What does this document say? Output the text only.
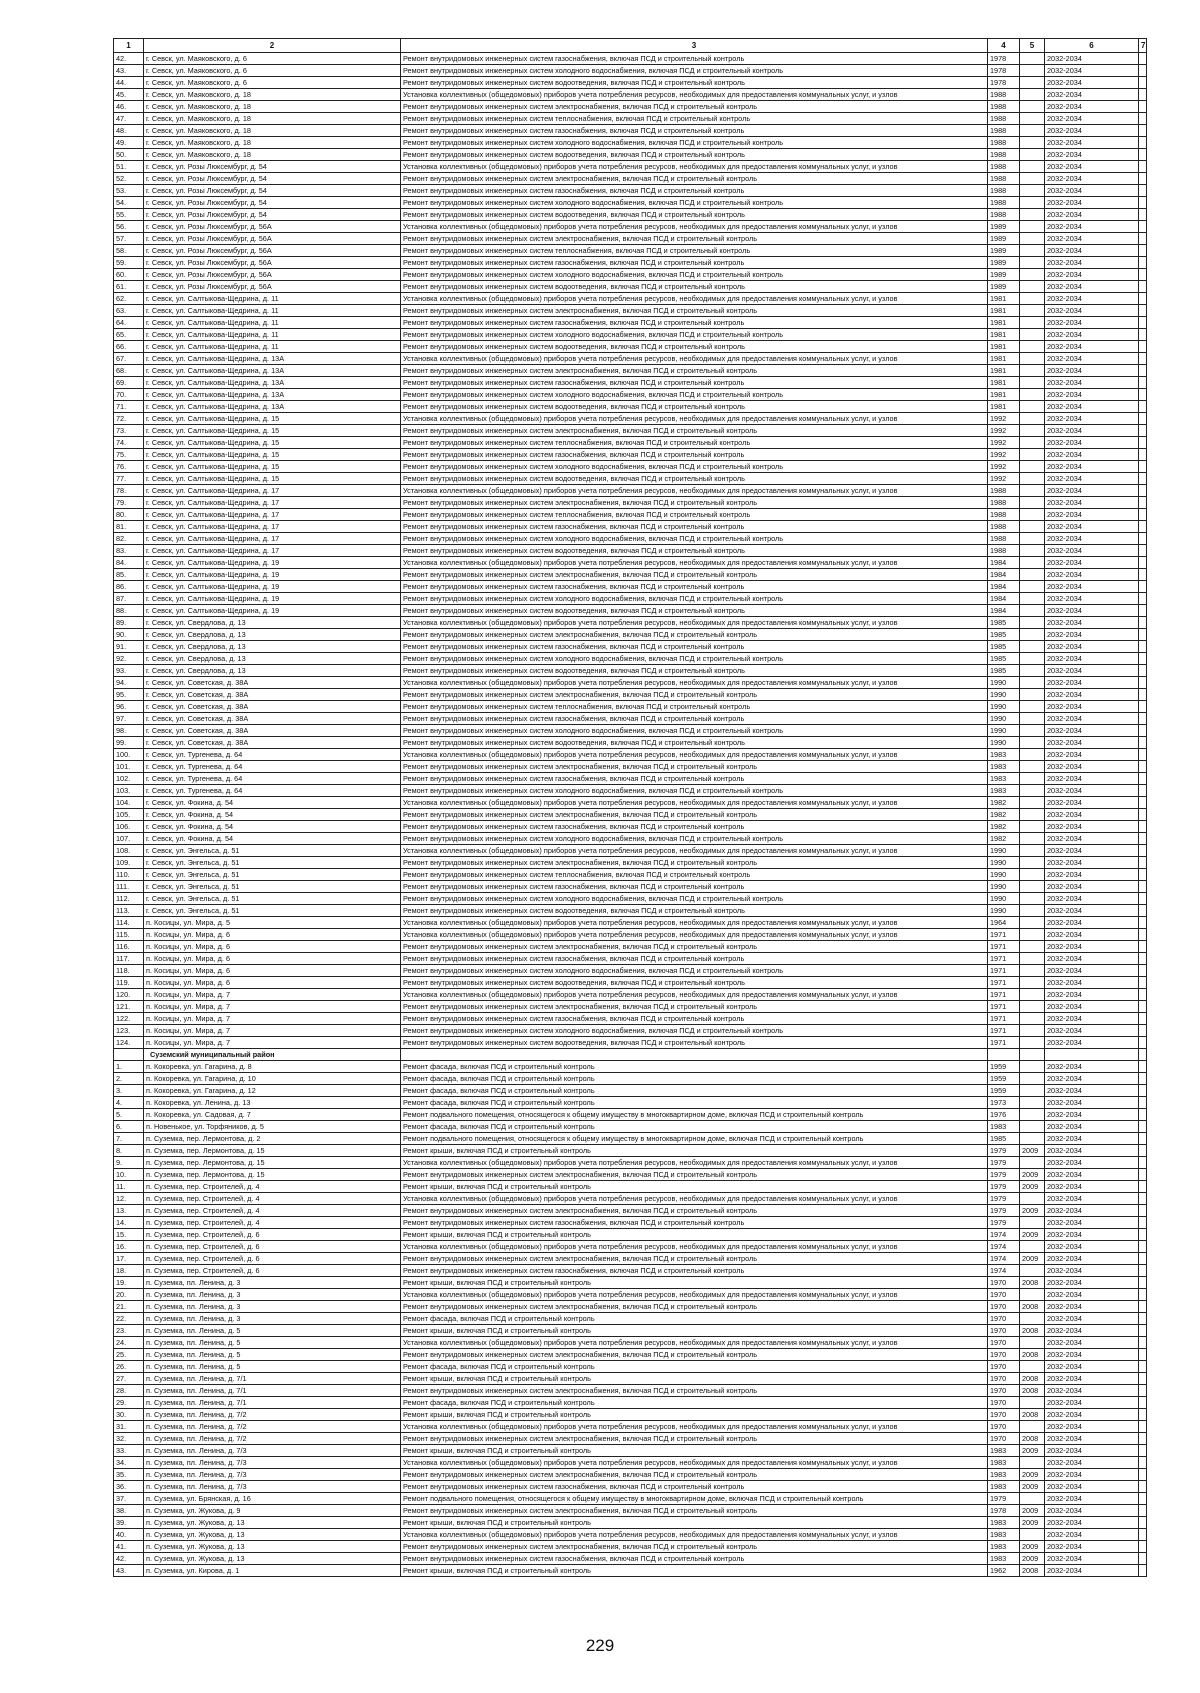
1	2	3	4	5	6	7
42.	г. Севск, ул. Маяковского, д. 6	Ремонт внутридомовых инженерных систем газоснабжения, включая ПСД и строительный контроль	1978		2032-2034	
43.	г. Севск, ул. Маяковского, д. 6	Ремонт внутридомовых инженерных систем холодного водоснабжения, включая ПСД и строительный контроль	1978		2032-2034	
44.	г. Севск, ул. Маяковского, д. 6	Ремонт внутридомовых инженерных систем водоотведения, включая ПСД и строительный контроль	1978		2032-2034	
45.	г. Севск, ул. Маяковского, д. 18	Установка коллективных (общедомовых) приборов учета потребления ресурсов, необходимых для предоставления коммунальных услуг, и узлов	1988		2032-2034	
46.	г. Севск, ул. Маяковского, д. 18	Ремонт внутридомовых инженерных систем электроснабжения, включая ПСД и строительный контроль	1988		2032-2034	
47.	г. Севск, ул. Маяковского, д. 18	Ремонт внутридомовых инженерных систем теплоснабжения, включая ПСД и строительный контроль	1988		2032-2034	
48.	г. Севск, ул. Маяковского, д. 18	Ремонт внутридомовых инженерных систем газоснабжения, включая ПСД и строительный контроль	1988		2032-2034	
49.	г. Севск, ул. Маяковского, д. 18	Ремонт внутридомовых инженерных систем холодного водоснабжения, включая ПСД и строительный контроль	1988		2032-2034	
50.	г. Севск, ул. Маяковского, д. 18	Ремонт внутридомовых инженерных систем водоотведения, включая ПСД и строительный контроль	1988		2032-2034	
51.	г. Севск, ул. Розы Люксембург, д. 54	Установка коллективных (общедомовых) приборов учета потребления ресурсов, необходимых для предоставления коммунальных услуг, и узлов	1988		2032-2034	
52.	г. Севск, ул. Розы Люксембург, д. 54	Ремонт внутридомовых инженерных систем электроснабжения, включая ПСД и строительный контроль	1988		2032-2034	
53.	г. Севск, ул. Розы Люксембург, д. 54	Ремонт внутридомовых инженерных систем газоснабжения, включая ПСД и строительный контроль	1988		2032-2034	
54.	г. Севск, ул. Розы Люксембург, д. 54	Ремонт внутридомовых инженерных систем холодного водоснабжения, включая ПСД и строительный контроль	1988		2032-2034	
55.	г. Севск, ул. Розы Люксембург, д. 54	Ремонт внутридомовых инженерных систем водоотведения, включая ПСД и строительный контроль	1988		2032-2034	
56.	г. Севск, ул. Розы Люксембург, д. 56А	Установка коллективных (общедомовых) приборов учета потребления ресурсов, необходимых для предоставления коммунальных услуг, и узлов	1989		2032-2034	
57.	г. Севск, ул. Розы Люксембург, д. 56А	Ремонт внутридомовых инженерных систем электроснабжения, включая ПСД и строительный контроль	1989		2032-2034	
58.	г. Севск, ул. Розы Люксембург, д. 56А	Ремонт внутридомовых инженерных систем теплоснабжения, включая ПСД и строительный контроль	1989		2032-2034	
59.	г. Севск, ул. Розы Люксембург, д. 56А	Ремонт внутридомовых инженерных систем газоснабжения, включая ПСД и строительный контроль	1989		2032-2034	
60.	г. Севск, ул. Розы Люксембург, д. 56А	Ремонт внутридомовых инженерных систем холодного водоснабжения, включая ПСД и строительный контроль	1989		2032-2034	
61.	г. Севск, ул. Розы Люксембург, д. 56А	Ремонт внутридомовых инженерных систем водоотведения, включая ПСД и строительный контроль	1989		2032-2034	
62.	г. Севск, ул. Салтыкова-Щедрина, д. 11	Установка коллективных (общедомовых) приборов учета потребления ресурсов, необходимых для предоставления коммунальных услуг, и узлов	1981		2032-2034	
63.	г. Севск, ул. Салтыкова-Щедрина, д. 11	Ремонт внутридомовых инженерных систем электроснабжения, включая ПСД и строительный контроль	1981		2032-2034	
64.	г. Севск, ул. Салтыкова-Щедрина, д. 11	Ремонт внутридомовых инженерных систем газоснабжения, включая ПСД и строительный контроль	1981		2032-2034	
65.	г. Севск, ул. Салтыкова-Щедрина, д. 11	Ремонт внутридомовых инженерных систем холодного водоснабжения, включая ПСД и строительный контроль	1981		2032-2034	
66.	г. Севск, ул. Салтыкова-Щедрина, д. 11	Ремонт внутридомовых инженерных систем водоотведения, включая ПСД и строительный контроль	1981		2032-2034	
67.	г. Севск, ул. Салтыкова-Щедрина, д. 13А	Установка коллективных (общедомовых) приборов учета потребления ресурсов, необходимых для предоставления коммунальных услуг, и узлов	1981		2032-2034	
68.	г. Севск, ул. Салтыкова-Щедрина, д. 13А	Ремонт внутридомовых инженерных систем электроснабжения, включая ПСД и строительный контроль	1981		2032-2034	
69.	г. Севск, ул. Салтыкова-Щедрина, д. 13А	Ремонт внутридомовых инженерных систем газоснабжения, включая ПСД и строительный контроль	1981		2032-2034	
70.	г. Севск, ул. Салтыкова-Щедрина, д. 13А	Ремонт внутридомовых инженерных систем холодного водоснабжения, включая ПСД и строительный контроль	1981		2032-2034	
71.	г. Севск, ул. Салтыкова-Щедрина, д. 13А	Ремонт внутридомовых инженерных систем водоотведения, включая ПСД и строительный контроль	1981		2032-2034	
72.	г. Севск, ул. Салтыкова-Щедрина, д. 15	Установка коллективных (общедомовых) приборов учета потребления ресурсов, необходимых для предоставления коммунальных услуг, и узлов	1992		2032-2034	
73.	г. Севск, ул. Салтыкова-Щедрина, д. 15	Ремонт внутридомовых инженерных систем электроснабжения, включая ПСД и строительный контроль	1992		2032-2034	
74.	г. Севск, ул. Салтыкова-Щедрина, д. 15	Ремонт внутридомовых инженерных систем теплоснабжения, включая ПСД и строительный контроль	1992		2032-2034	
75.	г. Севск, ул. Салтыкова-Щедрина, д. 15	Ремонт внутридомовых инженерных систем газоснабжения, включая ПСД и строительный контроль	1992		2032-2034	
76.	г. Севск, ул. Салтыкова-Щедрина, д. 15	Ремонт внутридомовых инженерных систем холодного водоснабжения, включая ПСД и строительный контроль	1992		2032-2034	
77.	г. Севск, ул. Салтыкова-Щедрина, д. 15	Ремонт внутридомовых инженерных систем водоотведения, включая ПСД и строительный контроль	1992		2032-2034	
78.	г. Севск, ул. Салтыкова-Щедрина, д. 17	Установка коллективных (общедомовых) приборов учета потребления ресурсов, необходимых для предоставления коммунальных услуг, и узлов	1988		2032-2034	
79.	г. Севск, ул. Салтыкова-Щедрина, д. 17	Ремонт внутридомовых инженерных систем электроснабжения, включая ПСД и строительный контроль	1988		2032-2034	
80.	г. Севск, ул. Салтыкова-Щедрина, д. 17	Ремонт внутридомовых инженерных систем теплоснабжения, включая ПСД и строительный контроль	1988		2032-2034	
81.	г. Севск, ул. Салтыкова-Щедрина, д. 17	Ремонт внутридомовых инженерных систем газоснабжения, включая ПСД и строительный контроль	1988		2032-2034	
82.	г. Севск, ул. Салтыкова-Щедрина, д. 17	Ремонт внутридомовых инженерных систем холодного водоснабжения, включая ПСД и строительный контроль	1988		2032-2034	
83.	г. Севск, ул. Салтыкова-Щедрина, д. 17	Ремонт внутридомовых инженерных систем водоотведения, включая ПСД и строительный контроль	1988		2032-2034	
84.	г. Севск, ул. Салтыкова-Щедрина, д. 19	Установка коллективных (общедомовых) приборов учета потребления ресурсов, необходимых для предоставления коммунальных услуг, и узлов	1984		2032-2034	
85.	г. Севск, ул. Салтыкова-Щедрина, д. 19	Ремонт внутридомовых инженерных систем электроснабжения, включая ПСД и строительный контроль	1984		2032-2034	
86.	г. Севск, ул. Салтыкова-Щедрина, д. 19	Ремонт внутридомовых инженерных систем газоснабжения, включая ПСД и строительный контроль	1984		2032-2034	
87.	г. Севск, ул. Салтыкова-Щедрина, д. 19	Ремонт внутридомовых инженерных систем холодного водоснабжения, включая ПСД и строительный контроль	1984		2032-2034	
88.	г. Севск, ул. Салтыкова-Щедрина, д. 19	Ремонт внутридомовых инженерных систем водоотведения, включая ПСД и строительный контроль	1984		2032-2034	
89.	г. Севск, ул. Свердлова, д. 13	Установка коллективных (общедомовых) приборов учета потребления ресурсов, необходимых для предоставления коммунальных услуг, и узлов	1985		2032-2034	
90.	г. Севск, ул. Свердлова, д. 13	Ремонт внутридомовых инженерных систем электроснабжения, включая ПСД и строительный контроль	1985		2032-2034	
91.	г. Севск, ул. Свердлова, д. 13	Ремонт внутридомовых инженерных систем газоснабжения, включая ПСД и строительный контроль	1985		2032-2034	
92.	г. Севск, ул. Свердлова, д. 13	Ремонт внутридомовых инженерных систем холодного водоснабжения, включая ПСД и строительный контроль	1985		2032-2034	
93.	г. Севск, ул. Свердлова, д. 13	Ремонт внутридомовых инженерных систем водоотведения, включая ПСД и строительный контроль	1985		2032-2034	
94.	г. Севск, ул. Советская, д. 38А	Установка коллективных (общедомовых) приборов учета потребления ресурсов, необходимых для предоставления коммунальных услуг, и узлов	1990		2032-2034	
95.	г. Севск, ул. Советская, д. 38А	Ремонт внутридомовых инженерных систем электроснабжения, включая ПСД и строительный контроль	1990		2032-2034	
96.	г. Севск, ул. Советская, д. 38А	Ремонт внутридомовых инженерных систем теплоснабжения, включая ПСД и строительный контроль	1990		2032-2034	
97.	г. Севск, ул. Советская, д. 38А	Ремонт внутридомовых инженерных систем газоснабжения, включая ПСД и строительный контроль	1990		2032-2034	
98.	г. Севск, ул. Советская, д. 38А	Ремонт внутридомовых инженерных систем холодного водоснабжения, включая ПСД и строительный контроль	1990		2032-2034	
99.	г. Севск, ул. Советская, д. 38А	Ремонт внутридомовых инженерных систем водоотведения, включая ПСД и строительный контроль	1990		2032-2034	
100.	г. Севск, ул. Тургенева, д. 64	Установка коллективных (общедомовых) приборов учета потребления ресурсов, необходимых для предоставления коммунальных услуг, и узлов	1983		2032-2034	
101.	г. Севск, ул. Тургенева, д. 64	Ремонт внутридомовых инженерных систем электроснабжения, включая ПСД и строительный контроль	1983		2032-2034	
102.	г. Севск, ул. Тургенева, д. 64	Ремонт внутридомовых инженерных систем газоснабжения, включая ПСД и строительный контроль	1983		2032-2034	
103.	г. Севск, ул. Тургенева, д. 64	Ремонт внутридомовых инженерных систем холодного водоснабжения, включая ПСД и строительный контроль	1983		2032-2034	
104.	г. Севск, ул. Фокина, д. 54	Установка коллективных (общедомовых) приборов учета потребления ресурсов, необходимых для предоставления коммунальных услуг, и узлов	1982		2032-2034	
105.	г. Севск, ул. Фокина, д. 54	Ремонт внутридомовых инженерных систем электроснабжения, включая ПСД и строительный контроль	1982		2032-2034	
106.	г. Севск, ул. Фокина, д. 54	Ремонт внутридомовых инженерных систем газоснабжения, включая ПСД и строительный контроль	1982		2032-2034	
107.	г. Севск, ул. Фокина, д. 54	Ремонт внутридомовых инженерных систем холодного водоснабжения, включая ПСД и строительный контроль	1982		2032-2034	
108.	г. Севск, ул. Энгельса, д. 51	Установка коллективных (общедомовых) приборов учета потребления ресурсов, необходимых для предоставления коммунальных услуг, и узлов	1990		2032-2034	
109.	г. Севск, ул. Энгельса, д. 51	Ремонт внутридомовых инженерных систем электроснабжения, включая ПСД и строительный контроль	1990		2032-2034	
110.	г. Севск, ул. Энгельса, д. 51	Ремонт внутридомовых инженерных систем теплоснабжения, включая ПСД и строительный контроль	1990		2032-2034	
111.	г. Севск, ул. Энгельса, д. 51	Ремонт внутридомовых инженерных систем газоснабжения, включая ПСД и строительный контроль	1990		2032-2034	
112.	г. Севск, ул. Энгельса, д. 51	Ремонт внутридомовых инженерных систем холодного водоснабжения, включая ПСД и строительный контроль	1990		2032-2034	
113.	г. Севск, ул. Энгельса, д. 51	Ремонт внутридомовых инженерных систем водоотведения, включая ПСД и строительный контроль	1990		2032-2034	
114.	п. Косицы, ул. Мира, д. 5	Установка коллективных (общедомовых) приборов учета потребления ресурсов, необходимых для предоставления коммунальных услуг, и узлов	1964		2032-2034	
115.	п. Косицы, ул. Мира, д. 6	Установка коллективных (общедомовых) приборов учета потребления ресурсов, необходимых для предоставления коммунальных услуг, и узлов	1971		2032-2034	
116.	п. Косицы, ул. Мира, д. 6	Ремонт внутридомовых инженерных систем электроснабжения, включая ПСД и строительный контроль	1971		2032-2034	
117.	п. Косицы, ул. Мира, д. 6	Ремонт внутридомовых инженерных систем газоснабжения, включая ПСД и строительный контроль	1971		2032-2034	
118.	п. Косицы, ул. Мира, д. 6	Ремонт внутридомовых инженерных систем холодного водоснабжения, включая ПСД и строительный контроль	1971		2032-2034	
119.	п. Косицы, ул. Мира, д. 6	Ремонт внутридомовых инженерных систем водоотведения, включая ПСД и строительный контроль	1971		2032-2034	
120.	п. Косицы, ул. Мира, д. 7	Установка коллективных (общедомовых) приборов учета потребления ресурсов, необходимых для предоставления коммунальных услуг, и узлов	1971		2032-2034	
121.	п. Косицы, ул. Мира, д. 7	Ремонт внутридомовых инженерных систем электроснабжения, включая ПСД и строительный контроль	1971		2032-2034	
122.	п. Косицы, ул. Мира, д. 7	Ремонт внутридомовых инженерных систем газоснабжения, включая ПСД и строительный контроль	1971		2032-2034	
123.	п. Косицы, ул. Мира, д. 7	Ремонт внутридомовых инженерных систем холодного водоснабжения, включая ПСД и строительный контроль	1971		2032-2034	
124.	п. Косицы, ул. Мира, д. 7	Ремонт внутридомовых инженерных систем водоотведения, включая ПСД и строительный контроль	1971		2032-2034	
	Суземский муниципальный район					
1.	п. Кокоревка, ул. Гагарина, д. 8	Ремонт фасада, включая ПСД и строительный контроль	1959		2032-2034	
2.	п. Кокоревка, ул. Гагарина, д. 10	Ремонт фасада, включая ПСД и строительный контроль	1959		2032-2034	
3.	п. Кокоревка, ул. Гагарина, д. 12	Ремонт фасада, включая ПСД и строительный контроль	1959		2032-2034	
4.	п. Кокоревка, ул. Ленина, д. 13	Ремонт фасада, включая ПСД и строительный контроль	1973		2032-2034	
5.	п. Кокоревка, ул. Садовая, д. 7	Ремонт подвального помещения, относящегося к общему имуществу в многоквартирном доме, включая ПСД и строительный контроль	1976		2032-2034	
6.	п. Новенькое, ул. Торфяников, д. 5	Ремонт фасада, включая ПСД и строительный контроль	1983		2032-2034	
7.	п. Суземка, пер. Лермонтова, д. 2	Ремонт подвального помещения, относящегося к общему имуществу в многоквартирном доме, включая ПСД и строительный контроль	1985		2032-2034	
8.	п. Суземка, пер. Лермонтова, д. 15	Ремонт крыши, включая ПСД и строительный контроль	1979	2009	2032-2034	
9.	п. Суземка, пер. Лермонтова, д. 15	Установка коллективных (общедомовых) приборов учета потребления ресурсов, необходимых для предоставления коммунальных услуг, и узлов	1979		2032-2034	
10.	п. Суземка, пер. Лермонтова, д. 15	Ремонт внутридомовых инженерных систем электроснабжения, включая ПСД и строительный контроль	1979	2009	2032-2034	
11.	п. Суземка, пер. Строителей, д. 4	Ремонт крыши, включая ПСД и строительный контроль	1979	2009	2032-2034	
12.	п. Суземка, пер. Строителей, д. 4	Установка коллективных (общедомовых) приборов учета потребления ресурсов, необходимых для предоставления коммунальных услуг, и узлов	1979		2032-2034	
13.	п. Суземка, пер. Строителей, д. 4	Ремонт внутридомовых инженерных систем электроснабжения, включая ПСД и строительный контроль	1979	2009	2032-2034	
14.	п. Суземка, пер. Строителей, д. 4	Ремонт внутридомовых инженерных систем газоснабжения, включая ПСД и строительный контроль	1979		2032-2034	
15.	п. Суземка, пер. Строителей, д. 6	Ремонт крыши, включая ПСД и строительный контроль	1974	2009	2032-2034	
16.	п. Суземка, пер. Строителей, д. 6	Установка коллективных (общедомовых) приборов учета потребления ресурсов, необходимых для предоставления коммунальных услуг, и узлов	1974		2032-2034	
17.	п. Суземка, пер. Строителей, д. 6	Ремонт внутридомовых инженерных систем электроснабжения, включая ПСД и строительный контроль	1974	2009	2032-2034	
18.	п. Суземка, пер. Строителей, д. 6	Ремонт внутридомовых инженерных систем газоснабжения, включая ПСД и строительный контроль	1974		2032-2034	
19.	п. Суземка, пл. Ленина, д. 3	Ремонт крыши, включая ПСД и строительный контроль	1970	2008	2032-2034	
20.	п. Суземка, пл. Ленина, д. 3	Установка коллективных (общедомовых) приборов учета потребления ресурсов, необходимых для предоставления коммунальных услуг, и узлов	1970		2032-2034	
21.	п. Суземка, пл. Ленина, д. 3	Ремонт внутридомовых инженерных систем электроснабжения, включая ПСД и строительный контроль	1970	2008	2032-2034	
22.	п. Суземка, пл. Ленина, д. 3	Ремонт фасада, включая ПСД и строительный контроль	1970		2032-2034	
23.	п. Суземка, пл. Ленина, д. 5	Ремонт крыши, включая ПСД и строительный контроль	1970	2008	2032-2034	
24.	п. Суземка, пл. Ленина, д. 5	Установка коллективных (общедомовых) приборов учета потребления ресурсов, необходимых для предоставления коммунальных услуг, и узлов	1970		2032-2034	
25.	п. Суземка, пл. Ленина, д. 5	Ремонт внутридомовых инженерных систем электроснабжения, включая ПСД и строительный контроль	1970	2008	2032-2034	
26.	п. Суземка, пл. Ленина, д. 5	Ремонт фасада, включая ПСД и строительный контроль	1970		2032-2034	
27.	п. Суземка, пл. Ленина, д. 7/1	Ремонт крыши, включая ПСД и строительный контроль	1970	2008	2032-2034	
28.	п. Суземка, пл. Ленина, д. 7/1	Ремонт внутридомовых инженерных систем электроснабжения, включая ПСД и строительный контроль	1970	2008	2032-2034	
29.	п. Суземка, пл. Ленина, д. 7/1	Ремонт фасада, включая ПСД и строительный контроль	1970		2032-2034	
30.	п. Суземка, пл. Ленина, д. 7/2	Ремонт крыши, включая ПСД и строительный контроль	1970	2008	2032-2034	
31.	п. Суземка, пл. Ленина, д. 7/2	Установка коллективных (общедомовых) приборов учета потребления ресурсов, необходимых для предоставления коммунальных услуг, и узлов	1970		2032-2034	
32.	п. Суземка, пл. Ленина, д. 7/2	Ремонт внутридомовых инженерных систем электроснабжения, включая ПСД и строительный контроль	1970	2008	2032-2034	
33.	п. Суземка, пл. Ленина, д. 7/3	Ремонт крыши, включая ПСД и строительный контроль	1983	2009	2032-2034	
34.	п. Суземка, пл. Ленина, д. 7/3	Установка коллективных (общедомовых) приборов учета потребления ресурсов, необходимых для предоставления коммунальных услуг, и узлов	1983		2032-2034	
35.	п. Суземка, пл. Ленина, д. 7/3	Ремонт внутридомовых инженерных систем электроснабжения, включая ПСД и строительный контроль	1983	2009	2032-2034	
36.	п. Суземка, пл. Ленина, д. 7/3	Ремонт внутридомовых инженерных систем газоснабжения, включая ПСД и строительный контроль	1983	2009	2032-2034	
37.	п. Суземка, ул. Брянская, д. 16	Ремонт подвального помещения, относящегося к общему имуществу в многоквартирном доме, включая ПСД и строительный контроль	1979		2032-2034	
38.	п. Суземка, ул. Жукова, д. 9	Ремонт внутридомовых инженерных систем электроснабжения, включая ПСД и строительный контроль	1978	2009	2032-2034	
39.	п. Суземка, ул. Жукова, д. 13	Ремонт крыши, включая ПСД и строительный контроль	1983	2009	2032-2034	
40.	п. Суземка, ул. Жукова, д. 13	Установка коллективных (общедомовых) приборов учета потребления ресурсов, необходимых для предоставления коммунальных услуг, и узлов	1983		2032-2034	
41.	п. Суземка, ул. Жукова, д. 13	Ремонт внутридомовых инженерных систем электроснабжения, включая ПСД и строительный контроль	1983	2009	2032-2034	
42.	п. Суземка, ул. Жукова, д. 13	Ремонт внутридомовых инженерных систем газоснабжения, включая ПСД и строительный контроль	1983	2009	2032-2034	
43.	п. Суземка, ул. Кирова, д. 1	Ремонт крыши, включая ПСД и строительный контроль	1962	2008	2032-2034	
229
